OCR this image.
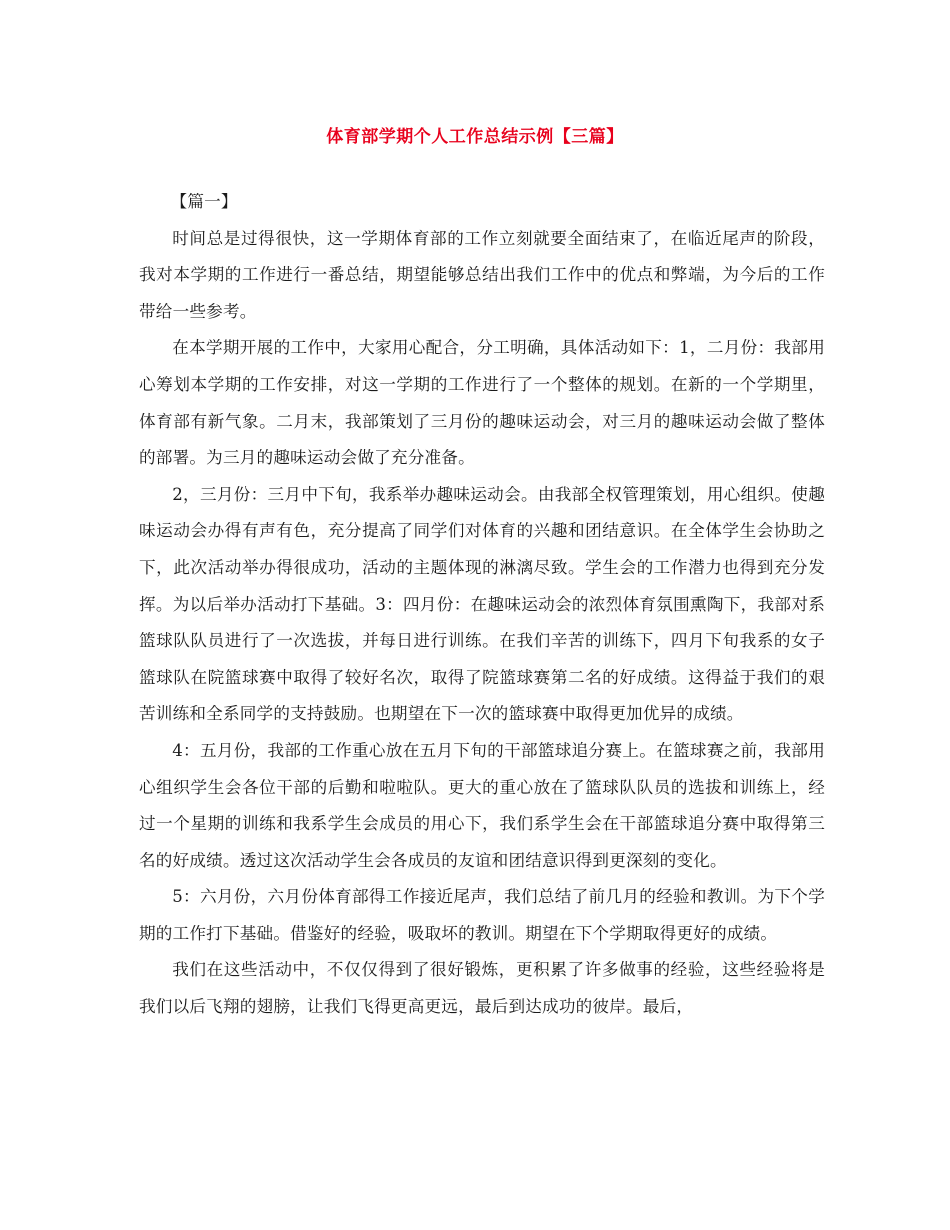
体育部学期个人工作总结示例【三篇】

【篇一】

时间总是过得很快，这一学期体育部的工作立刻就要全面结束了，在临近尾声的阶段，我对本学期的工作进行一番总结，期望能够总结出我们工作中的优点和弊端，为今后的工作带给一些参考。

在本学期开展的工作中，大家用心配合，分工明确，具体活动如下：1，二月份：我部用心筹划本学期的工作安排，对这一学期的工作进行了一个整体的规划。在新的一个学期里，体育部有新气象。二月末，我部策划了三月份的趣味运动会，对三月的趣味运动会做了整体的部署。为三月的趣味运动会做了充分准备。

2，三月份：三月中下旬，我系举办趣味运动会。由我部全权管理策划，用心组织。使趣味运动会办得有声有色，充分提高了同学们对体育的兴趣和团结意识。在全体学生会协助之下，此次活动举办得很成功，活动的主题体现的淋漓尽致。学生会的工作潜力也得到充分发挥。为以后举办活动打下基础。3：四月份：在趣味运动会的浓烈体育氛围熏陶下，我部对系篮球队队员进行了一次选拔，并每日进行训练。在我们辛苦的训练下，四月下旬我系的女子篮球队在院篮球赛中取得了较好名次，取得了院篮球赛第二名的好成绩。这得益于我们的艰苦训练和全系同学的支持鼓励。也期望在下一次的篮球赛中取得更加优异的成绩。

4：五月份，我部的工作重心放在五月下旬的干部篮球追分赛上。在篮球赛之前，我部用心组织学生会各位干部的后勤和啦啦队。更大的重心放在了篮球队队员的选拔和训练上，经过一个星期的训练和我系学生会成员的用心下，我们系学生会在干部篮球追分赛中取得第三名的好成绩。透过这次活动学生会各成员的友谊和团结意识得到更深刻的变化。

5：六月份，六月份体育部得工作接近尾声，我们总结了前几月的经验和教训。为下个学期的工作打下基础。借鉴好的经验，吸取坏的教训。期望在下个学期取得更好的成绩。

我们在这些活动中，不仅仅得到了很好锻炼，更积累了许多做事的经验，这些经验将是我们以后飞翔的翅膀，让我们飞得更高更远，最后到达成功的彼岸。最后，
